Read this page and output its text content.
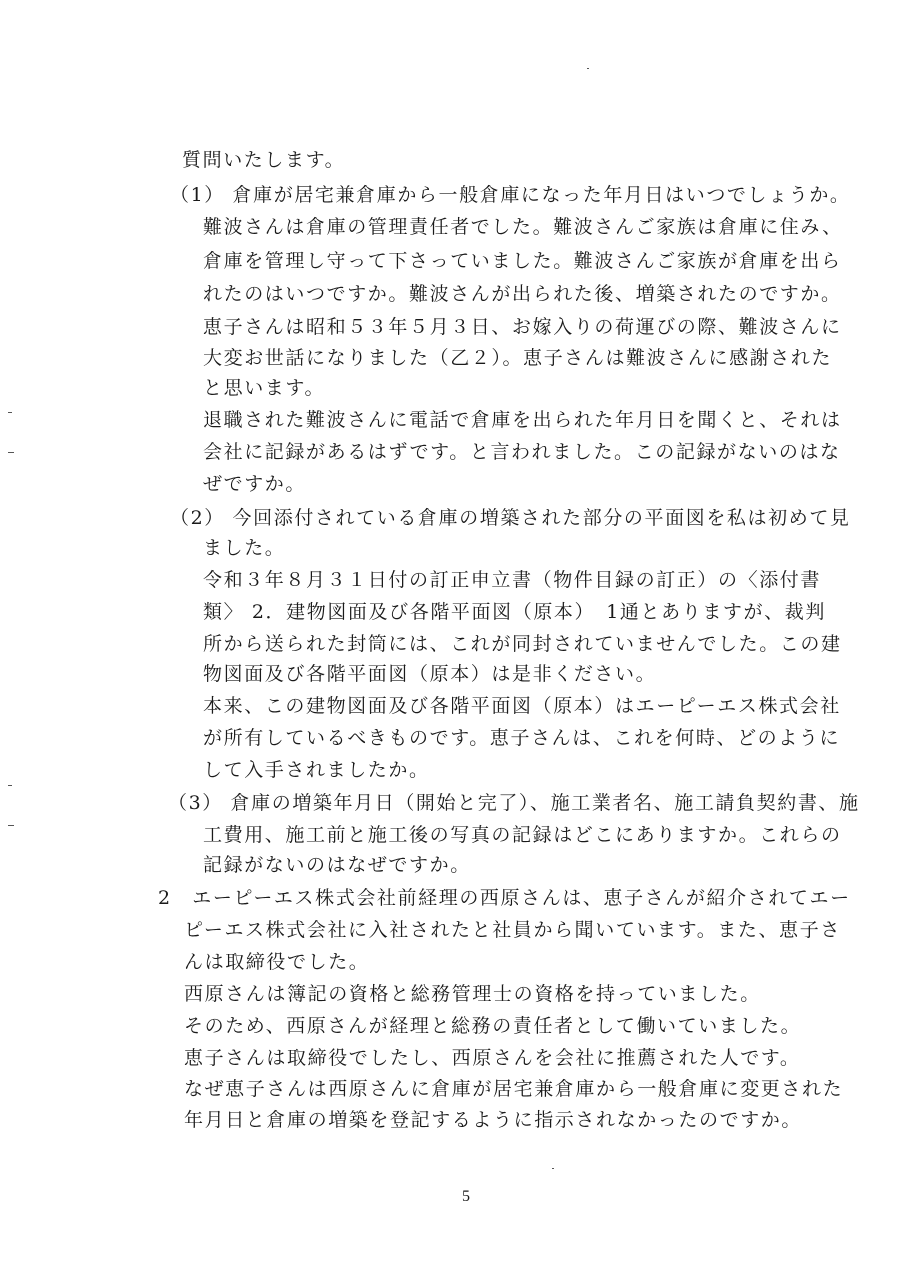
質問いたします。
（1） 倉庫が居宅兼倉庫から一般倉庫になった年月日はいつでしょうか。
難波さんは倉庫の管理責任者でした。難波さんご家族は倉庫に住み、
倉庫を管理し守って下さっていました。難波さんご家族が倉庫を出ら
れたのはいつですか。難波さんが出られた後、増築されたのですか。
恵子さんは昭和５３年５月３日、お嫁入りの荷運びの際、難波さんに
大変お世話になりました（乙２）。恵子さんは難波さんに感謝された
と思います。
退職された難波さんに電話で倉庫を出られた年月日を聞くと、それは
会社に記録があるはずです。と言われました。この記録がないのはな
ぜですか。
（2） 今回添付されている倉庫の増築された部分の平面図を私は初めて見
ました。
令和３年８月３１日付の訂正申立書（物件目録の訂正）の〈添付書
類〉 2．建物図面及び各階平面図（原本）　1通とありますが、裁判
所から送られた封筒には、これが同封されていませんでした。この建
物図面及び各階平面図（原本）は是非ください。
本来、この建物図面及び各階平面図（原本）はエーピーエス株式会社
が所有しているべきものです。恵子さんは、これを何時、どのように
して入手されましたか。
（3） 倉庫の増築年月日（開始と完了）、施工業者名、施工請負契約書、施
工費用、施工前と施工後の写真の記録はどこにありますか。これらの
記録がないのはなぜですか。
2　エーピーエス株式会社前経理の西原さんは、恵子さんが紹介されてエー
ピーエス株式会社に入社されたと社員から聞いています。また、恵子さ
んは取締役でした。
西原さんは簿記の資格と総務管理士の資格を持っていました。
そのため、西原さんが経理と総務の責任者として働いていました。
恵子さんは取締役でしたし、西原さんを会社に推薦された人です。
なぜ恵子さんは西原さんに倉庫が居宅兼倉庫から一般倉庫に変更された
年月日と倉庫の増築を登記するように指示されなかったのですか。
5
